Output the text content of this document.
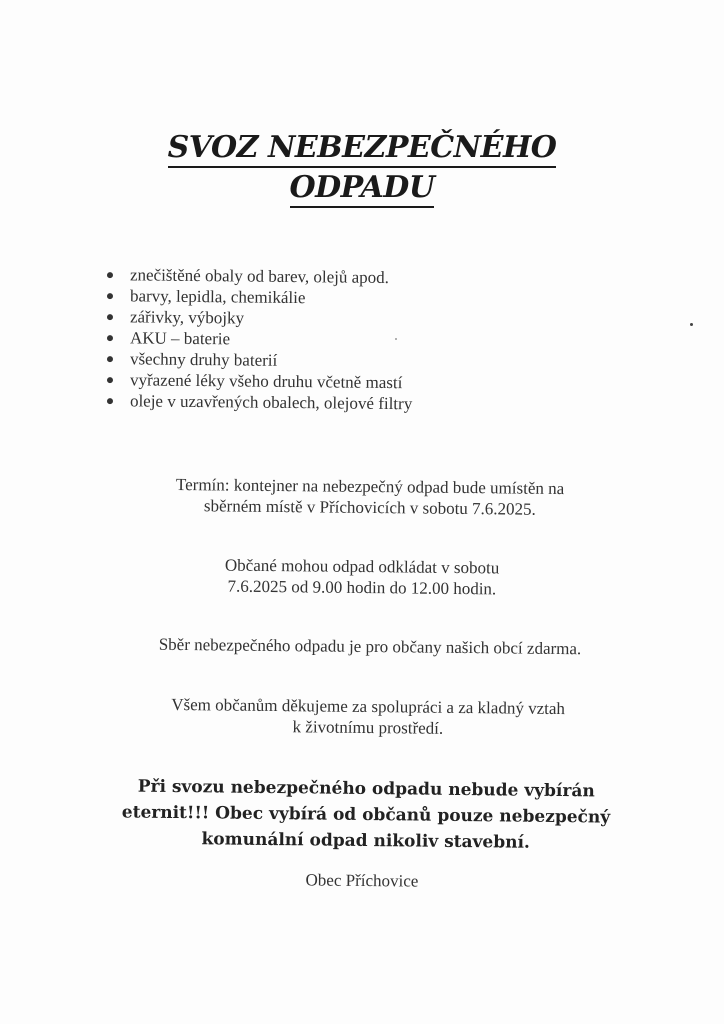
SVOZ NEBEZPEČNÉHO
ODPADU
znečištěné obaly od barev, olejů apod.
barvy, lepidla, chemikálie
zářivky, výbojky
AKU – baterie
všechny druhy baterií
vyřazené léky všeho druhu včetně mastí
oleje v uzavřených obalech, olejové filtry
Termín: kontejner na nebezpečný odpad bude umístěn na
sběrném místě v Příchovicích v sobotu 7.6.2025.
Občané mohou odpad odkládat v sobotu
7.6.2025 od 9.00 hodin do 12.00 hodin.
Sběr nebezpečného odpadu je pro občany našich obcí zdarma.
Všem občanům děkujeme za spolupráci a za kladný vztah
k životnímu prostředí.
Při svozu nebezpečného odpadu nebude vybírán
eternit!!! Obec vybírá od občanů pouze nebezpečný
komunální odpad nikoliv stavební.
Obec Příchovice
